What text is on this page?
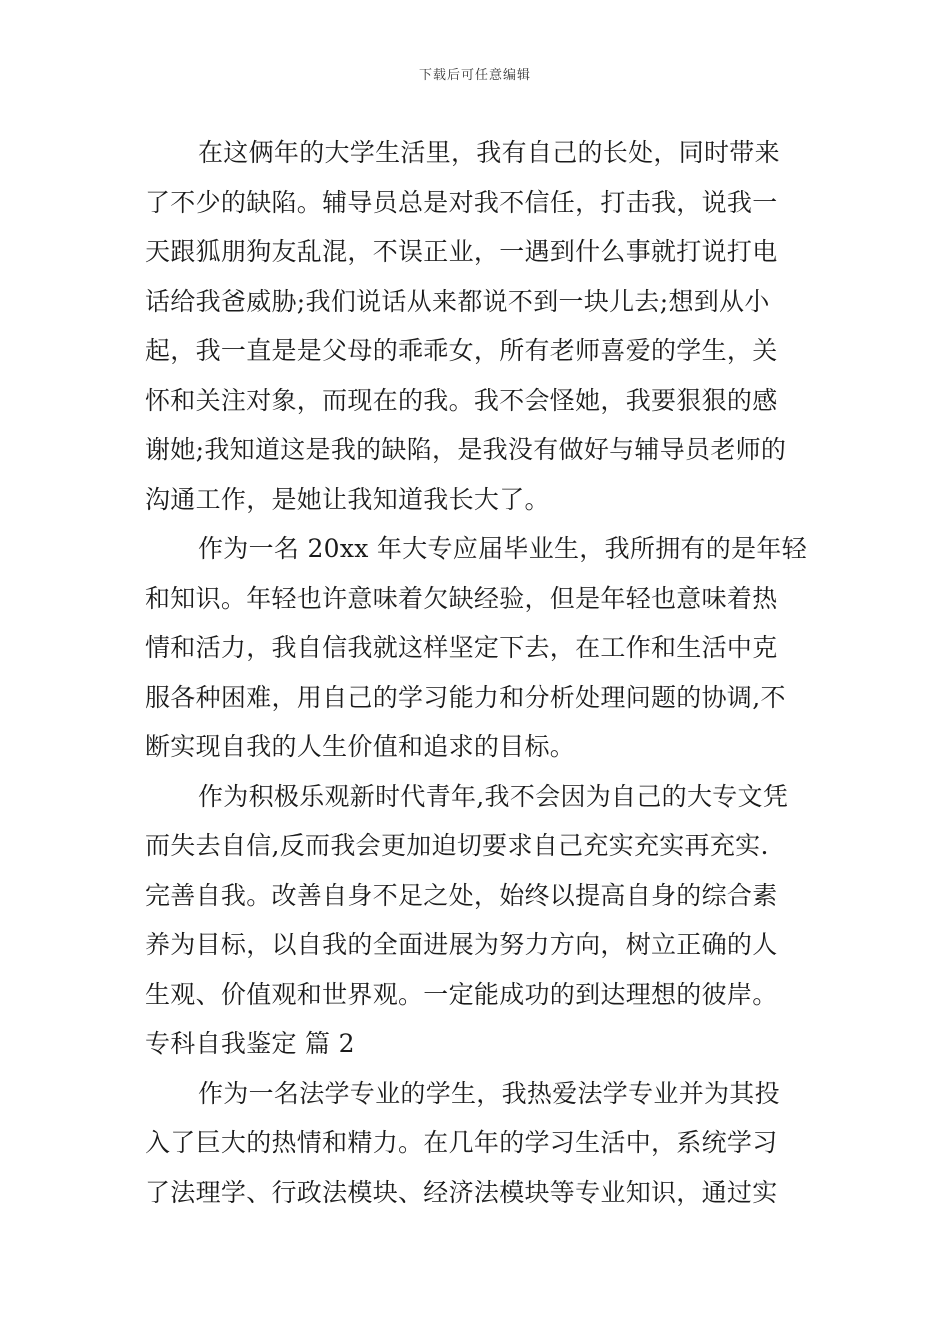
下载后可任意编辑
在这俩年的大学生活里，我有自己的长处，同时带来
了不少的缺陷。辅导员总是对我不信任，打击我，说我一
天跟狐朋狗友乱混，不误正业，一遇到什么事就打说打电
话给我爸威胁;我们说话从来都说不到一块儿去;想到从小
起，我一直是是父母的乖乖女，所有老师喜爱的学生，关
怀和关注对象，而现在的我。我不会怪她，我要狠狠的感
谢她;我知道这是我的缺陷，是我没有做好与辅导员老师的
沟通工作，是她让我知道我长大了。
作为一名 20xx 年大专应届毕业生，我所拥有的是年轻
和知识。年轻也许意味着欠缺经验，但是年轻也意味着热
情和活力，我自信我就这样坚定下去，在工作和生活中克
服各种困难，用自己的学习能力和分析处理问题的协调,不
断实现自我的人生价值和追求的目标。
作为积极乐观新时代青年,我不会因为自己的大专文凭
而失去自信,反而我会更加迫切要求自己充实充实再充实.
完善自我。改善自身不足之处，始终以提高自身的综合素
养为目标，以自我的全面进展为努力方向，树立正确的人
生观、价值观和世界观。一定能成功的到达理想的彼岸。
专科自我鉴定 篇 2
作为一名法学专业的学生，我热爱法学专业并为其投
入了巨大的热情和精力。在几年的学习生活中，系统学习
了法理学、行政法模块、经济法模块等专业知识，通过实
